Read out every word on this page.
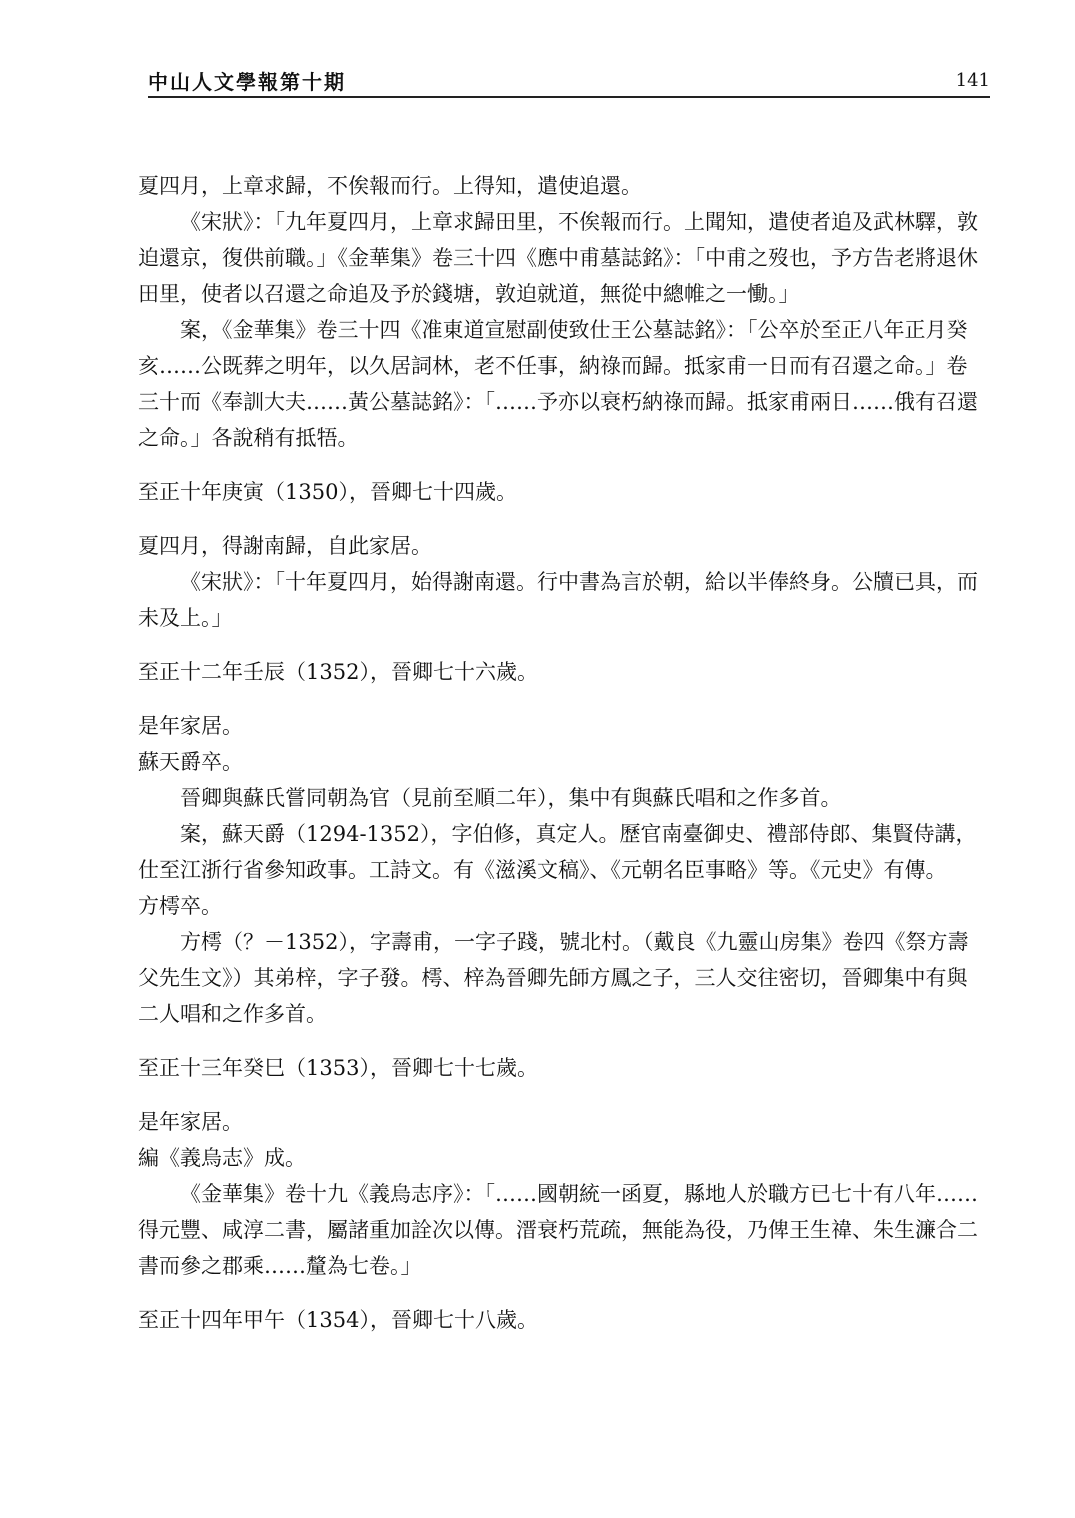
中山人文學報第十期	141

夏四月，上章求歸，不俟報而行。上得知，遣使追還。

《宋狀》：「九年夏四月，上章求歸田里，不俟報而行。上聞知，遣使者追及武林驛，敦迫還京，復供前職。」《金華集》卷三十四《應中甫墓誌銘》：「中甫之歿也，予方告老將退休田里，使者以召還之命追及予於錢塘，敦迫就道，無從中總帷之一慟。」

案，《金華集》卷三十四《准東道宣慰副使致仕王公墓誌銘》：「公卒於至正八年正月癸亥……公既葬之明年，以久居詞林，老不任事，納祿而歸。抵家甫一日而有召還之命。」卷三十而《奉訓大夫……黃公墓誌銘》：「……予亦以衰朽納祿而歸。抵家甫兩日……俄有召還之命。」各說稍有抵牾。

至正十年庚寅（1350），晉卿七十四歲。

夏四月，得謝南歸，自此家居。

《宋狀》：「十年夏四月，始得謝南還。行中書為言於朝，給以半俸終身。公牘已具，而未及上。」

至正十二年壬辰（1352），晉卿七十六歲。

是年家居。

蘇天爵卒。

晉卿與蘇氏嘗同朝為官（見前至順二年），集中有與蘇氏唱和之作多首。

案，蘇天爵（1294-1352），字伯修，真定人。歷官南臺御史、禮部侍郎、集賢侍講，仕至江浙行省參知政事。工詩文。有《滋溪文稿》、《元朝名臣事略》等。《元史》有傳。

方樗卒。

方樗（？－1352），字壽甫，一字子踐，號北村。（戴良《九靈山房集》卷四《祭方壽父先生文》）其弟梓，字子發。樗、梓為晉卿先師方鳳之子，三人交往密切，晉卿集中有與二人唱和之作多首。

至正十三年癸巳（1353），晉卿七十七歲。

是年家居。

編《義烏志》成。

《金華集》卷十九《義烏志序》：「……國朝統一函夏，縣地人於職方已七十有八年……得元豐、咸淳二書，屬諸重加詮次以傳。溍衰朽荒疏，無能為役，乃俾王生禕、朱生濂合二書而參之郡乘……釐為七卷。」

至正十四年甲午（1354），晉卿七十八歲。
